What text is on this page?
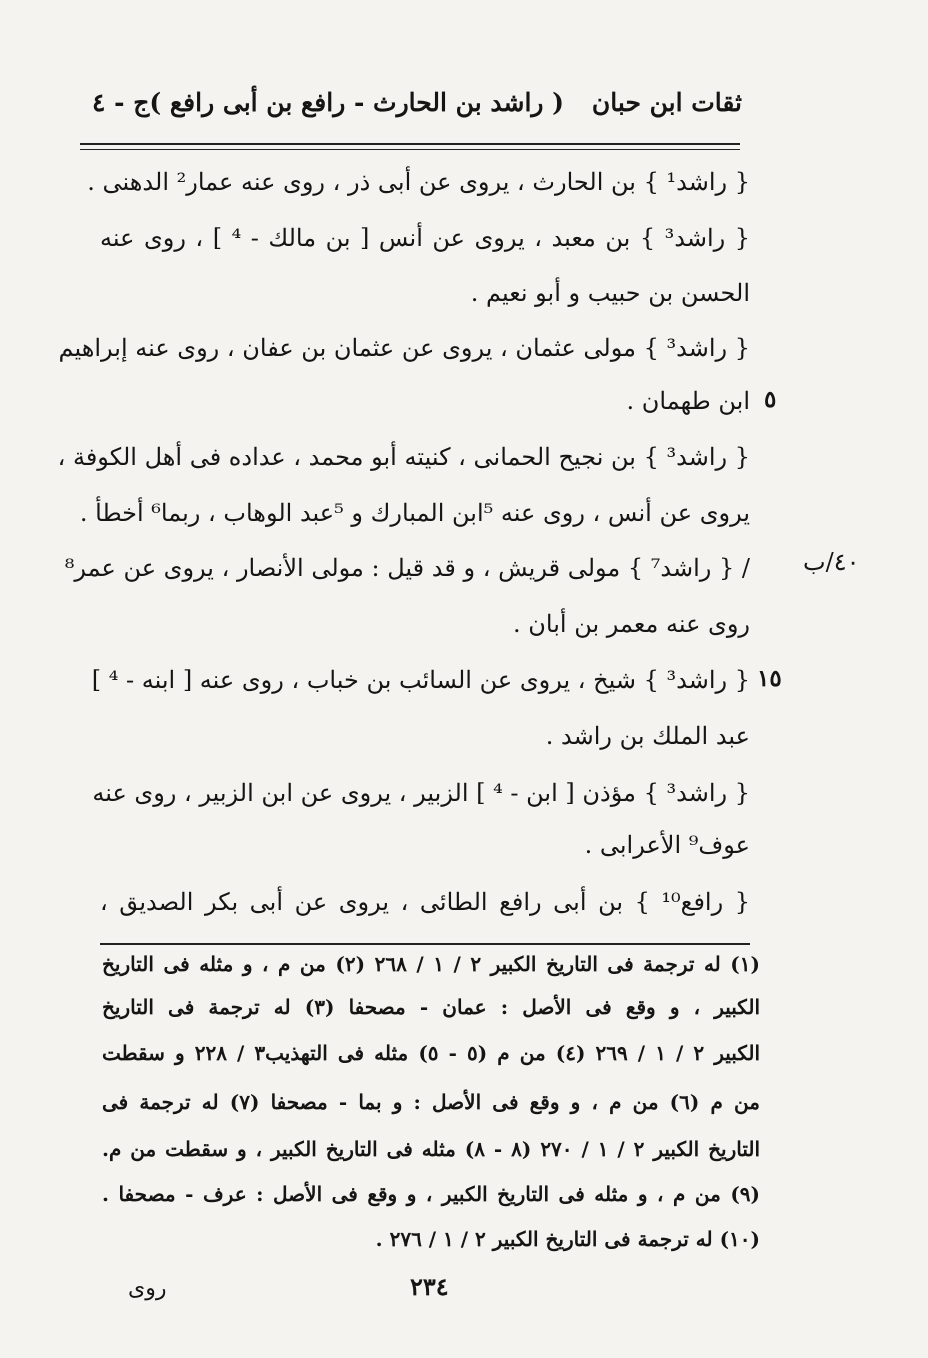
ثقات ابن حبان
( راشد بن الحارث - رافع بن أبى رافع )
ج - ٤
{ راشد¹ } بن الحارث ، يروى عن أبى ذر ، روى عنه عمار² الدهنى .
{ راشد³ } بن معبد ، يروى عن أنس [ بن مالك - ⁴ ] ، روى عنه
الحسن بن حبيب و أبو نعيم .
{ راشد³ } مولى عثمان ، يروى عن عثمان بن عفان ، روى عنه إبراهيم
ابن طهمان .
{ راشد³ } بن نجيح الحمانى ، كنيته أبو محمد ، عداده فى أهل الكوفة ،
يروى عن أنس ، روى عنه ⁵ابن المبارك و ⁵عبد الوهاب ، ربما⁶ أخطأ .
/ { راشد⁷ } مولى قريش ، و قد قيل : مولى الأنصار ، يروى عن عمر⁸
روى عنه معمر بن أبان .
{ راشد³ } شيخ ، يروى عن السائب بن خباب ، روى عنه [ ابنه - ⁴ ]
عبد الملك بن راشد .
{ راشد³ } مؤذن [ ابن - ⁴ ] الزبير ، يروى عن ابن الزبير ، روى عنه
عوف⁹ الأعرابى .
{ رافع¹⁰ } بن أبى رافع الطائى ، يروى عن أبى بكر الصديق ،
٥
١٥
٤٠/ب
(١) له ترجمة فى التاريخ الكبير ٢ / ١ / ٢٦٨ (٢) من م ، و مثله فى التاريخ
الكبير ، و وقع فى الأصل : عمان - مصحفا (٣) له ترجمة فى التاريخ
الكبير ٢ / ١ / ٢٦٩ (٤) من م (٥ - ٥) مثله فى التهذيب٣ / ٢٢٨ و سقطت
من م (٦) من م ، و وقع فى الأصل : و بما - مصحفا (٧) له ترجمة فى
التاريخ الكبير ٢ / ١ / ٢٧٠ (٨ - ٨) مثله فى التاريخ الكبير ، و سقطت من م.
(٩) من م ، و مثله فى التاريخ الكبير ، و وقع فى الأصل : عرف - مصحفا .
(١٠) له ترجمة فى التاريخ الكبير ٢ / ١ / ٢٧٦ .
٢٣٤
روى
